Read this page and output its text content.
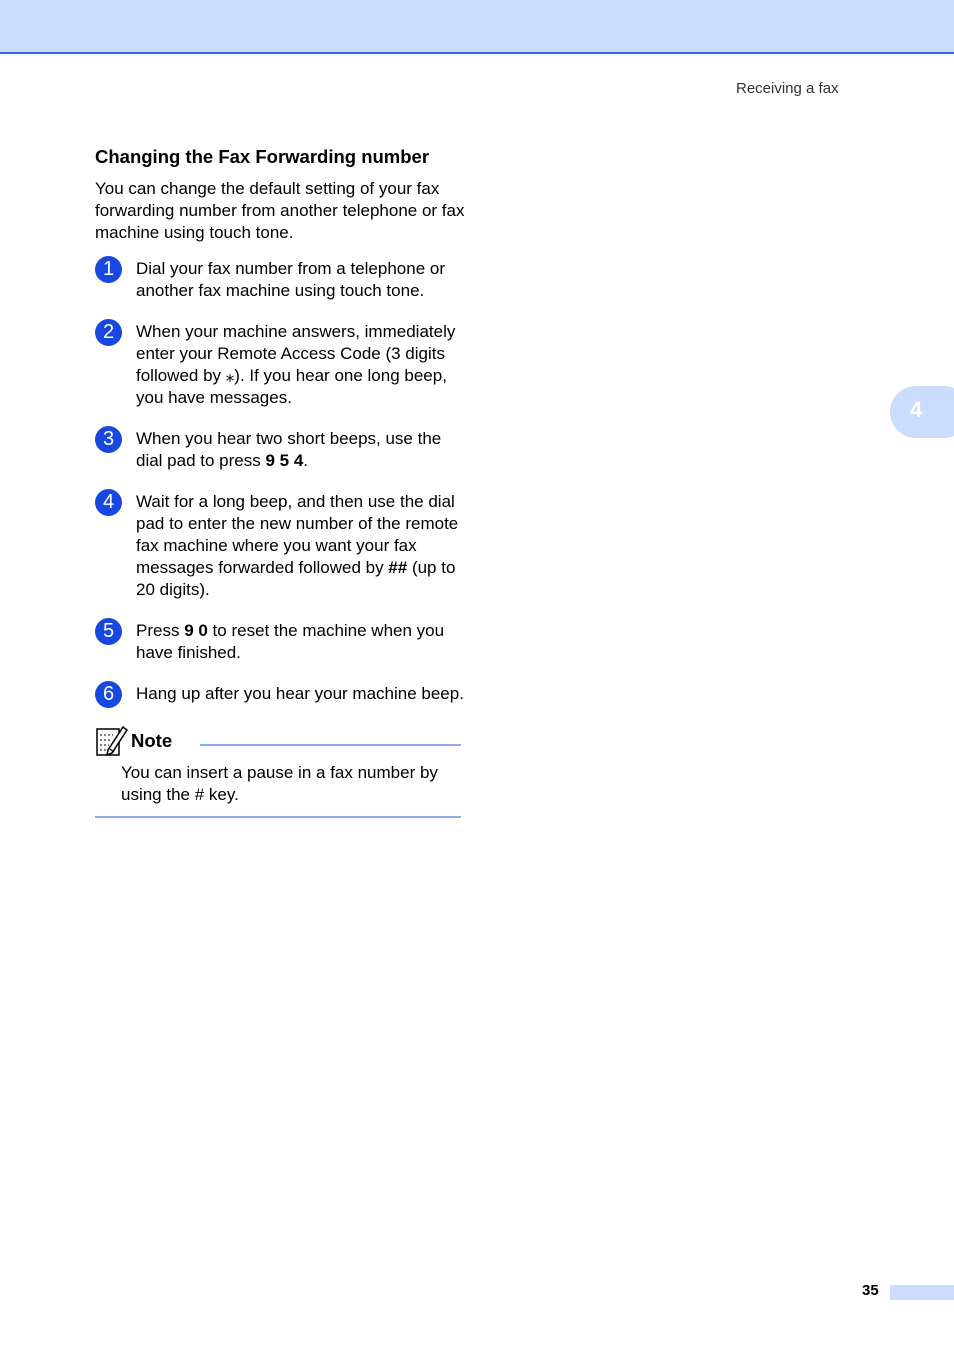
Receiving a fax
4
Changing the Fax Forwarding number

You can change the default setting of your fax forwarding number from another telephone or fax machine using touch tone.

1	Dial your fax number from a telephone or another fax machine using touch tone.
2	When your machine answers, immediately enter your Remote Access Code (3 digits followed by ⁎). If you hear one long beep, you have messages.
3	When you hear two short beeps, use the dial pad to press 9 5 4.
4	Wait for a long beep, and then use the dial pad to enter the new number of the remote fax machine where you want your fax messages forwarded followed by ## (up to 20 digits).
5	Press 9 0 to reset the machine when you have finished.
6	Hang up after you hear your machine beep.
Note

You can insert a pause in a fax number by using the # key.

35
